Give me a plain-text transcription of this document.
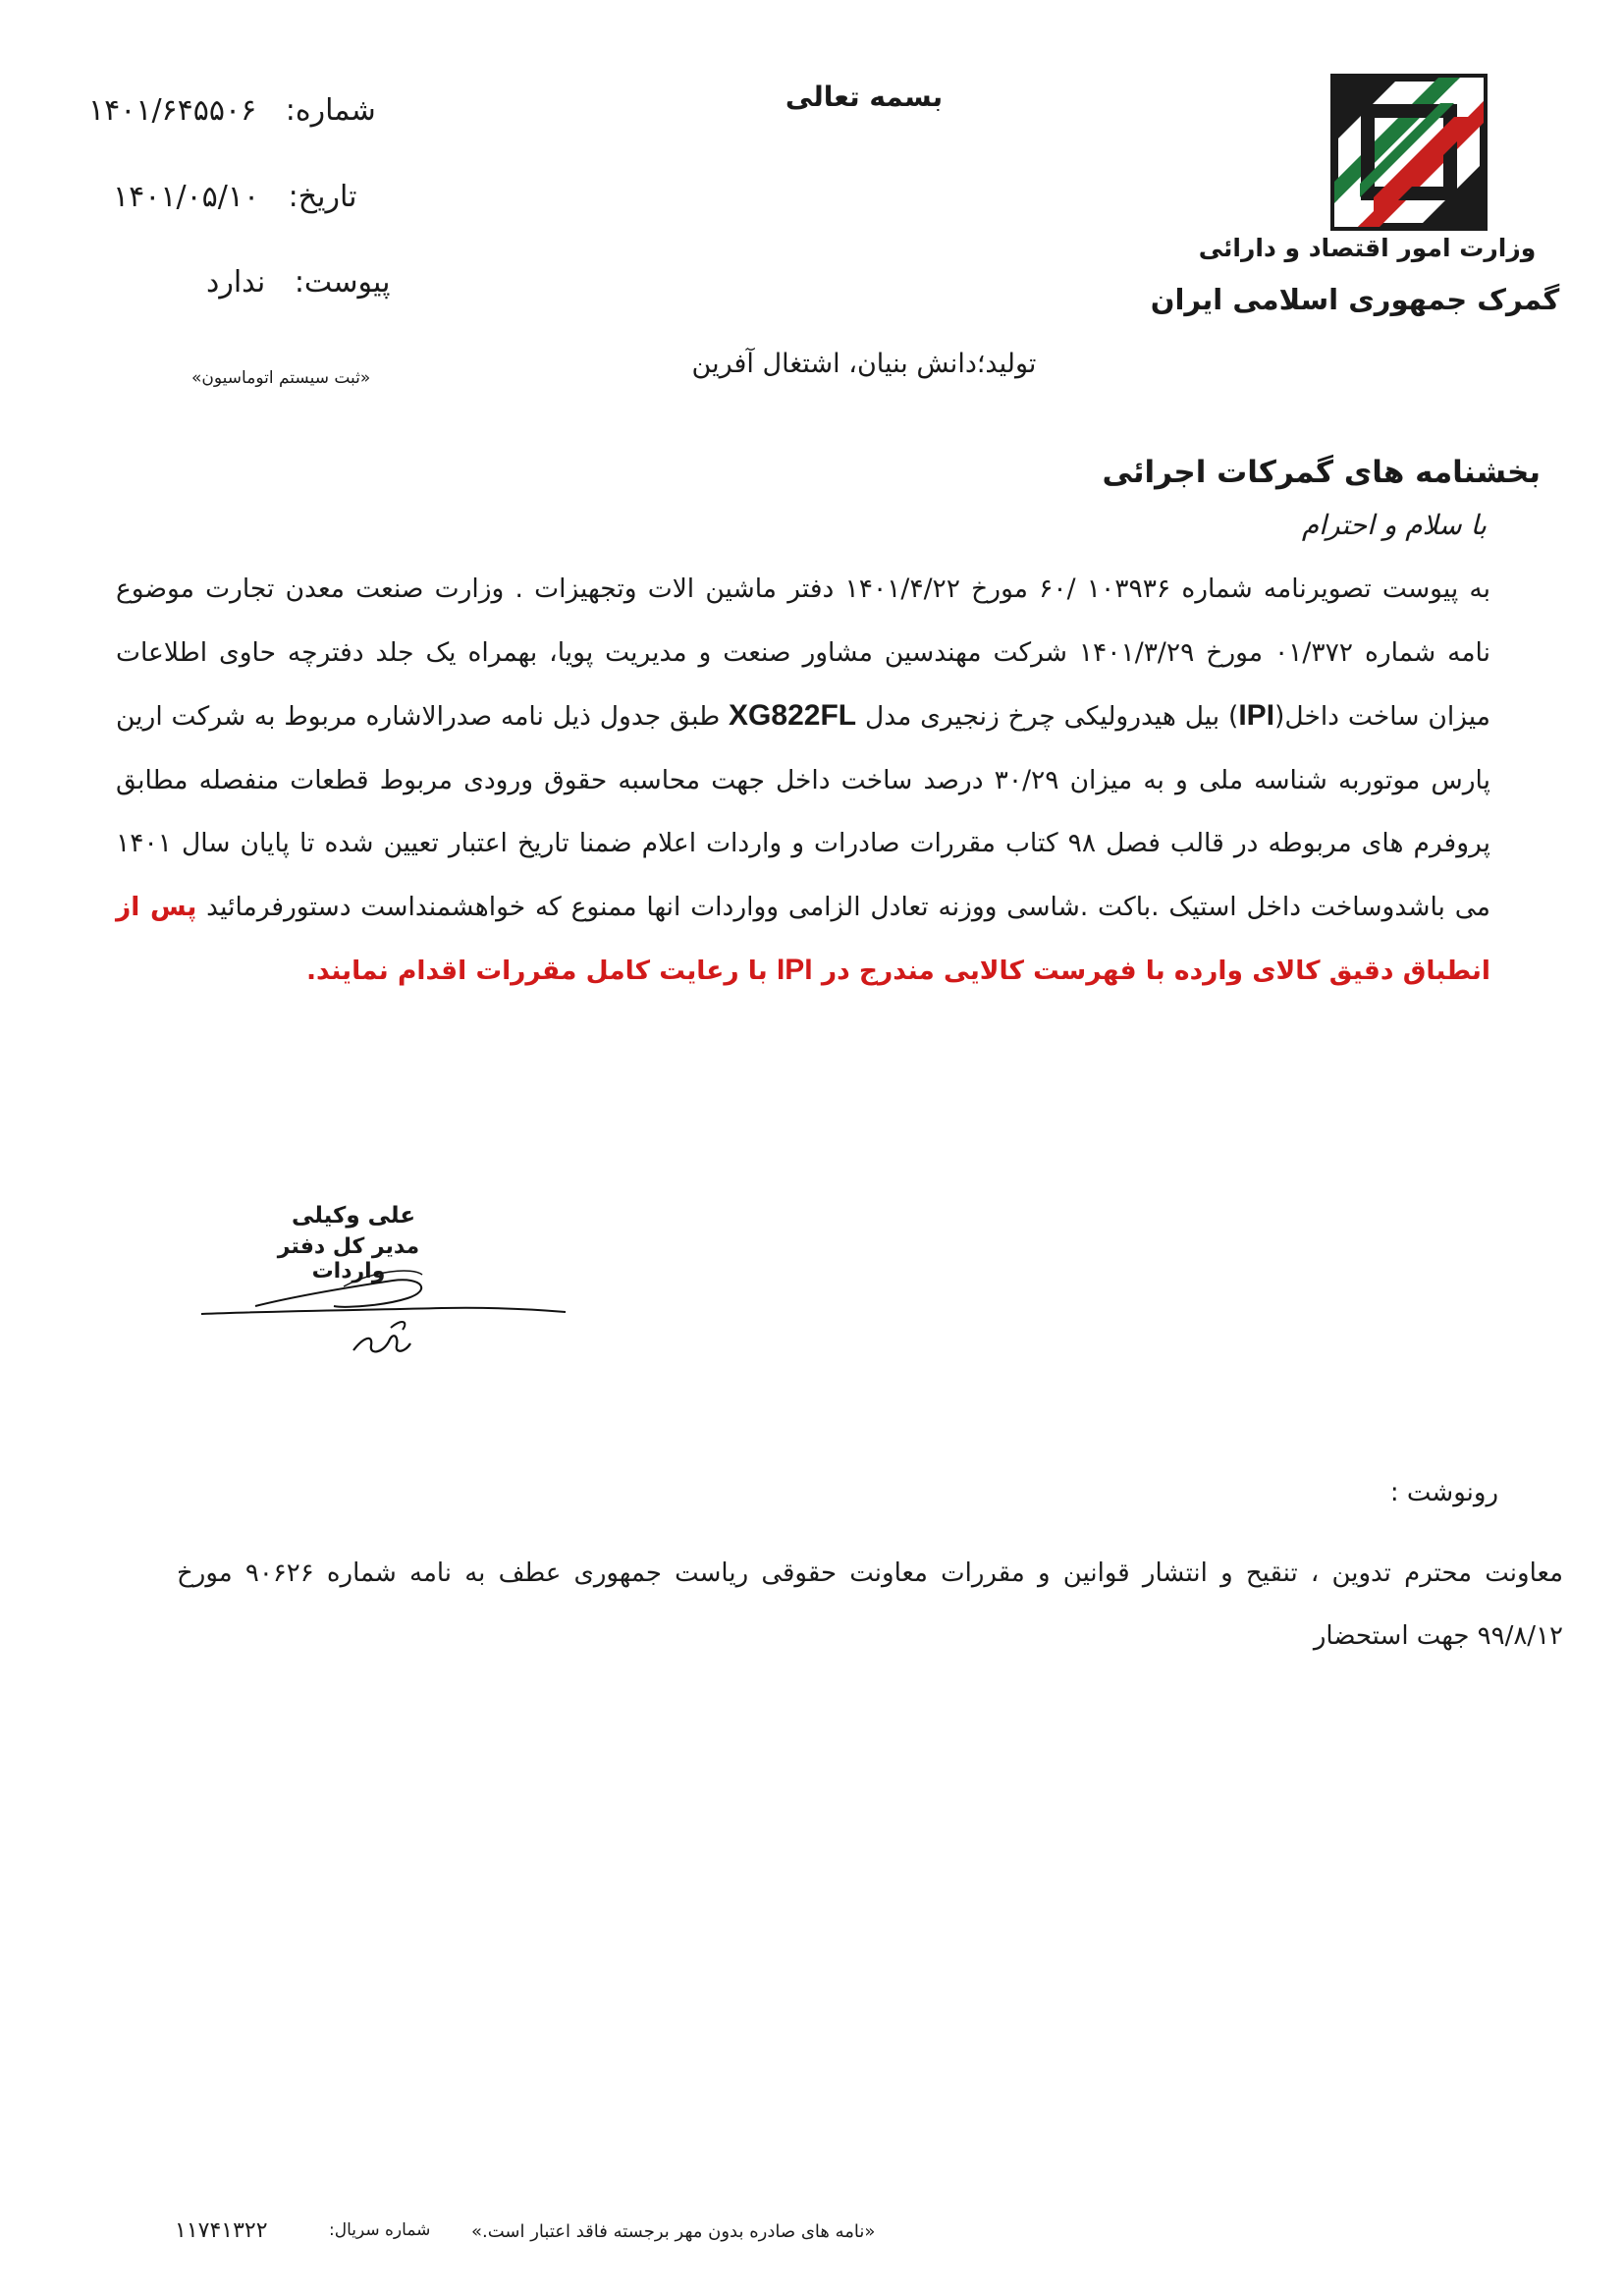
بسمه تعالی
وزارت امور اقتصاد و دارائی
گمرک جمهوری اسلامی ایران
تولید؛دانش بنیان، اشتغال آفرین
شماره: ۱۴۰۱/۶۴۵۵۰۶
تاریخ: ۱۴۰۱/۰۵/۱۰
پیوست: ندارد
«ثبت سیستم اتوماسیون»
بخشنامه های گمرکات اجرائی
با سلام و احترام
به پیوست تصویرنامه شماره ۱۰۳۹۳۶ /۶۰ مورخ ۱۴۰۱/۴/۲۲ دفتر ماشین الات وتجهیزات . وزارت صنعت معدن تجارت موضوع نامه شماره ۰۱/۳۷۲ مورخ ۱۴۰۱/۳/۲۹ شرکت مهندسین مشاور صنعت و مدیریت پویا، بهمراه یک جلد دفترچه حاوی اطلاعات میزان ساخت داخل(IPI) بیل هیدرولیکی چرخ زنجیری مدل XG822FL طبق جدول ذیل نامه صدرالاشاره مربوط به شرکت ارین پارس موتوربه شناسه ملی و به میزان ۳۰/۲۹ درصد ساخت داخل جهت محاسبه حقوق ورودی مربوط قطعات منفصله مطابق پروفرم های مربوطه در قالب فصل ۹۸ کتاب مقررات صادرات و واردات اعلام ضمنا تاریخ اعتبار تعیین شده تا پایان سال ۱۴۰۱ می باشدوساخت داخل استیک .باکت .شاسی ووزنه تعادل الزامی وواردات انها ممنوع که خواهشمنداست دستورفرمائید پس از انطباق دقیق کالای وارده با فهرست کالایی مندرج در IPI با رعایت کامل مقررات اقدام نمایند.
علی وکیلی
مدیر کل دفتر واردات
رونوشت :
معاونت محترم تدوین ، تنقیح و انتشار قوانین و مقررات معاونت حقوقی ریاست جمهوری عطف به نامه شماره ۹۰۶۲۶ مورخ ۹۹/۸/۱۲ جهت استحضار
«نامه های صادره بدون مهر برجسته فاقد اعتبار است.»
شماره سریال:
۱۱۷۴۱۳۲۲
